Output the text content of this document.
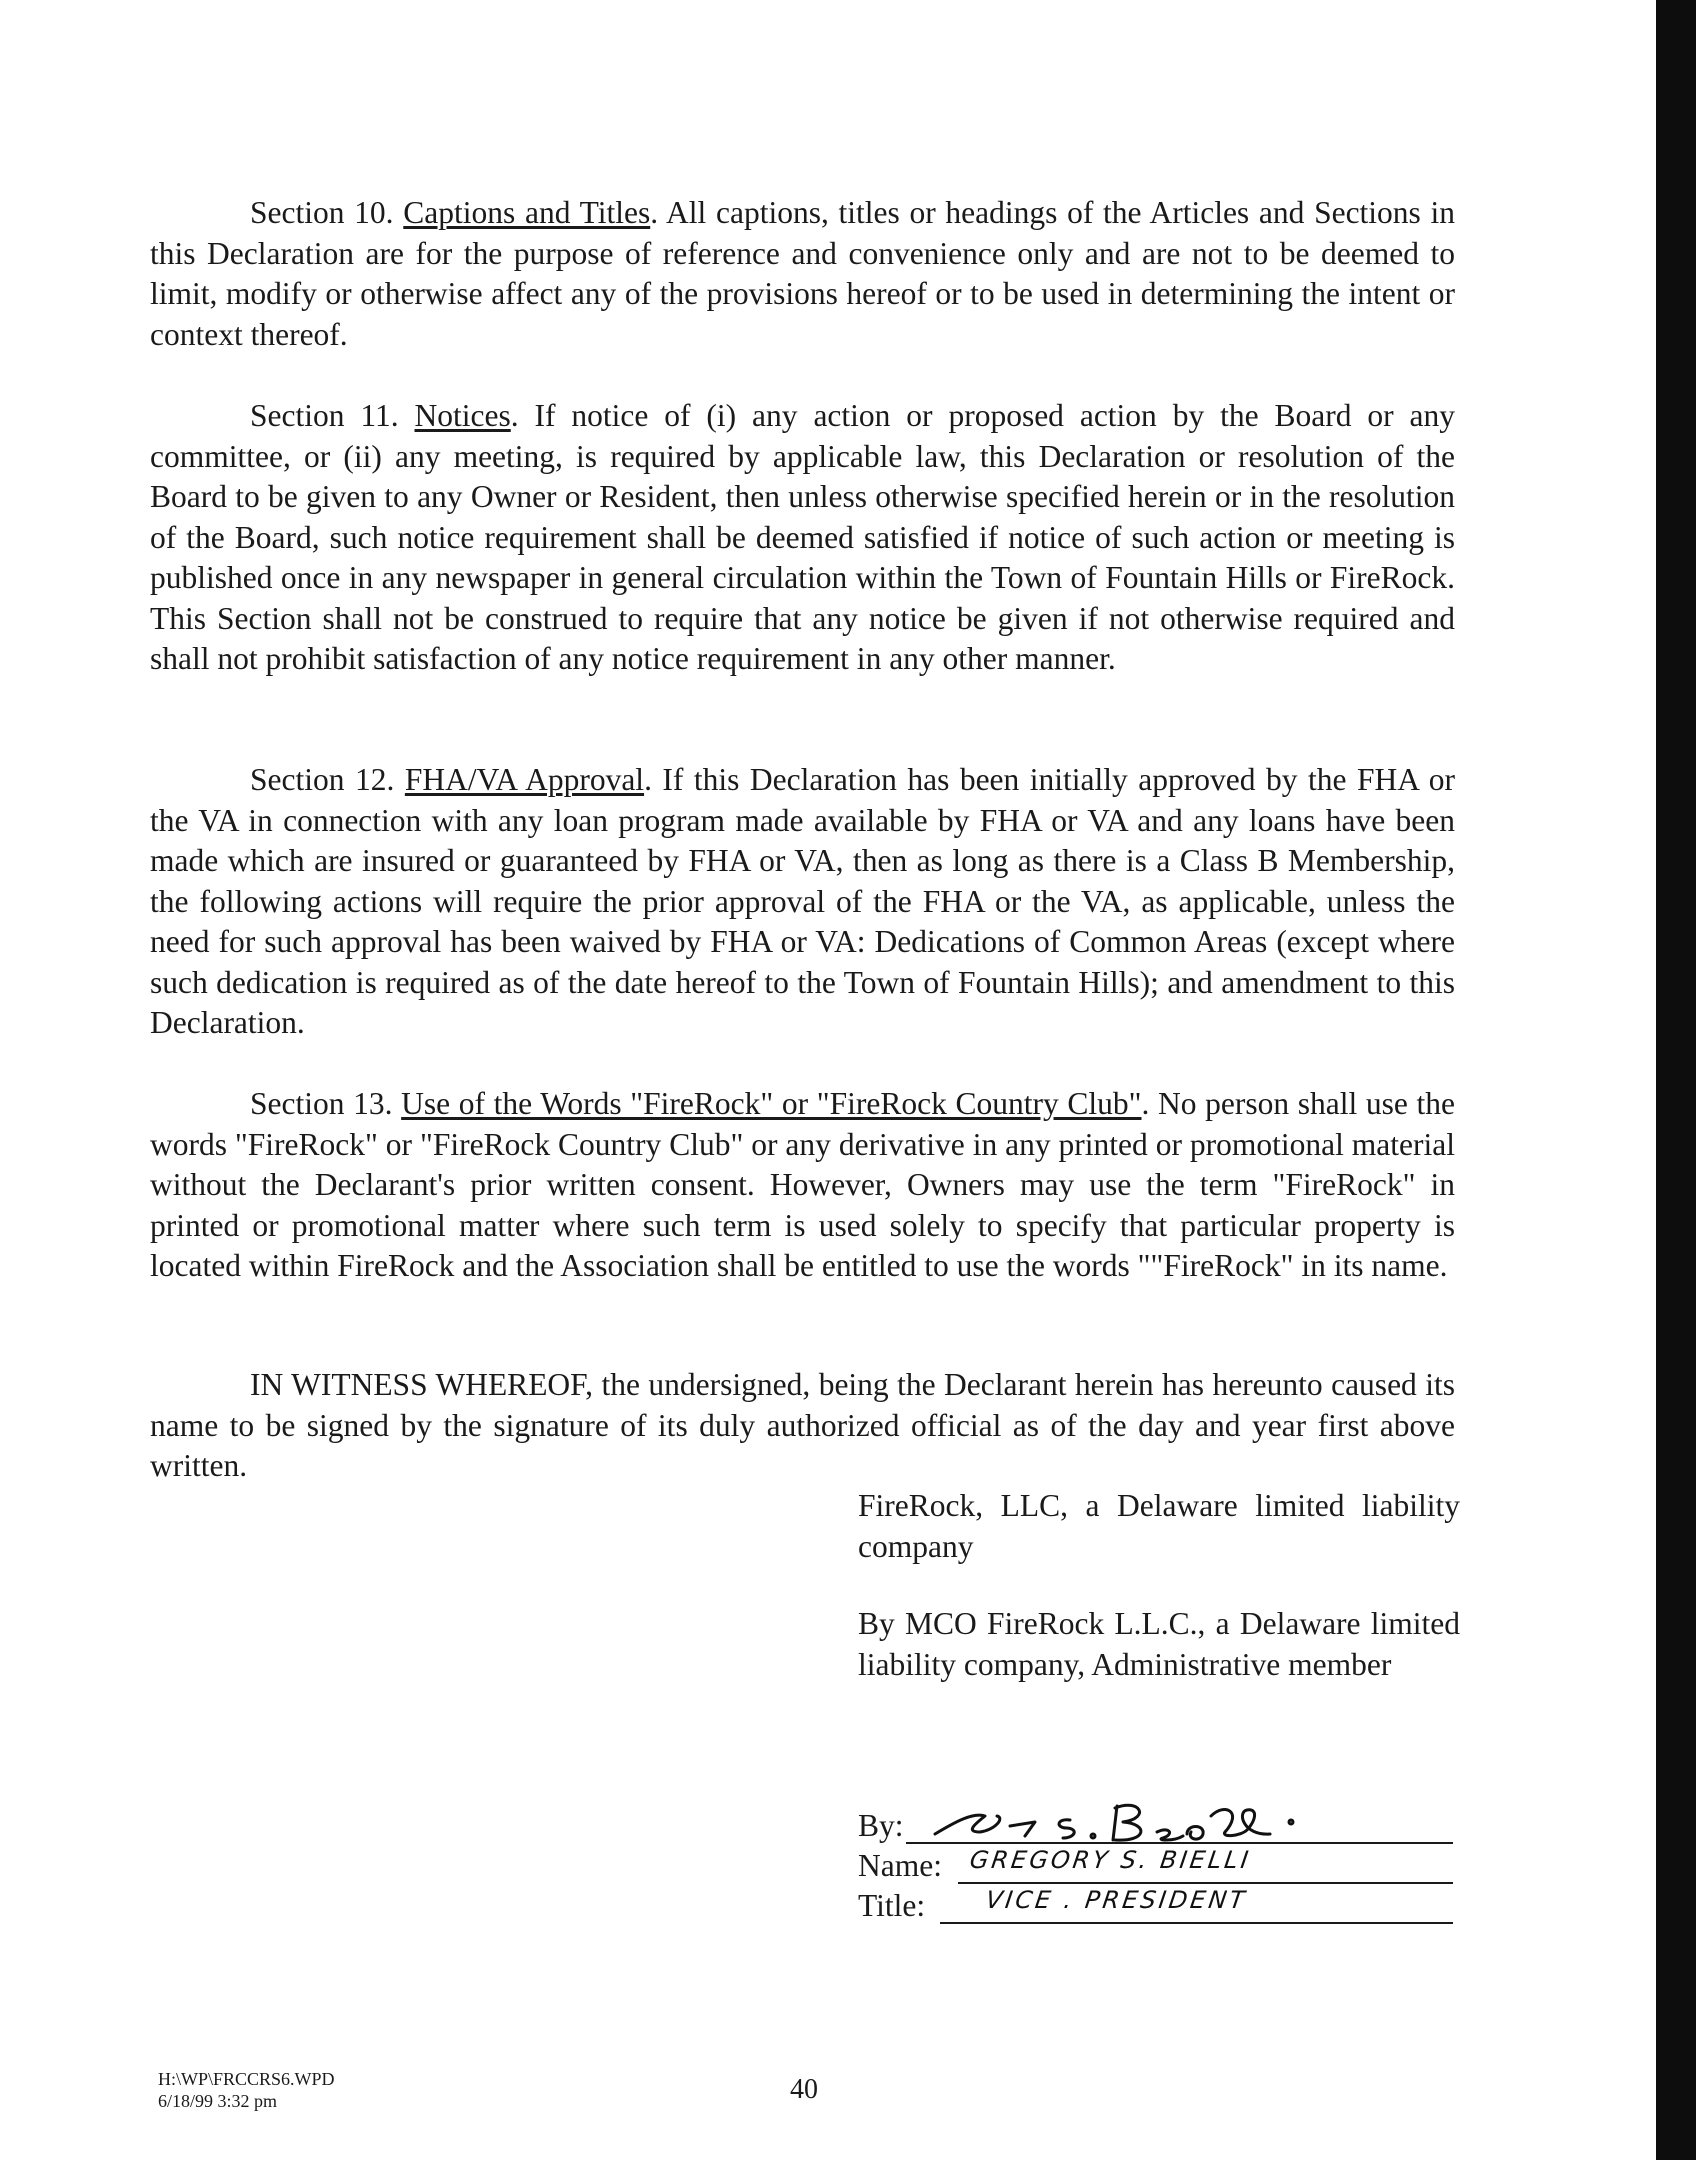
Section 10. Captions and Titles. All captions, titles or headings of the Articles and Sections in this Declaration are for the purpose of reference and convenience only and are not to be deemed to limit, modify or otherwise affect any of the provisions hereof or to be used in determining the intent or context thereof.

Section 11. Notices. If notice of (i) any action or proposed action by the Board or any committee, or (ii) any meeting, is required by applicable law, this Declaration or resolution of the Board to be given to any Owner or Resident, then unless otherwise specified herein or in the resolution of the Board, such notice requirement shall be deemed satisfied if notice of such action or meeting is published once in any newspaper in general circulation within the Town of Fountain Hills or FireRock. This Section shall not be construed to require that any notice be given if not otherwise required and shall not prohibit satisfaction of any notice requirement in any other manner.

Section 12. FHA/VA Approval. If this Declaration has been initially approved by the FHA or the VA in connection with any loan program made available by FHA or VA and any loans have been made which are insured or guaranteed by FHA or VA, then as long as there is a Class B Membership, the following actions will require the prior approval of the FHA or the VA, as applicable, unless the need for such approval has been waived by FHA or VA: Dedications of Common Areas (except where such dedication is required as of the date hereof to the Town of Fountain Hills); and amendment to this Declaration.

Section 13. Use of the Words "FireRock" or "FireRock Country Club". No person shall use the words "FireRock" or "FireRock Country Club" or any derivative in any printed or promotional material without the Declarant's prior written consent. However, Owners may use the term "FireRock" in printed or promotional matter where such term is used solely to specify that particular property is located within FireRock and the Association shall be entitled to use the words ""FireRock" in its name.

IN WITNESS WHEREOF, the undersigned, being the Declarant herein has hereunto caused its name to be signed by the signature of its duly authorized official as of the day and year first above written.

FireRock, LLC, a Delaware limited liability company

By MCO FireRock L.L.C., a Delaware limited liability company, Administrative member

By:
Name: GREGORY S. BIELLI
Title: VICE . PRESIDENT
H:\WP\FRCCRS6.WPD
6/18/99 3:32 pm	40
